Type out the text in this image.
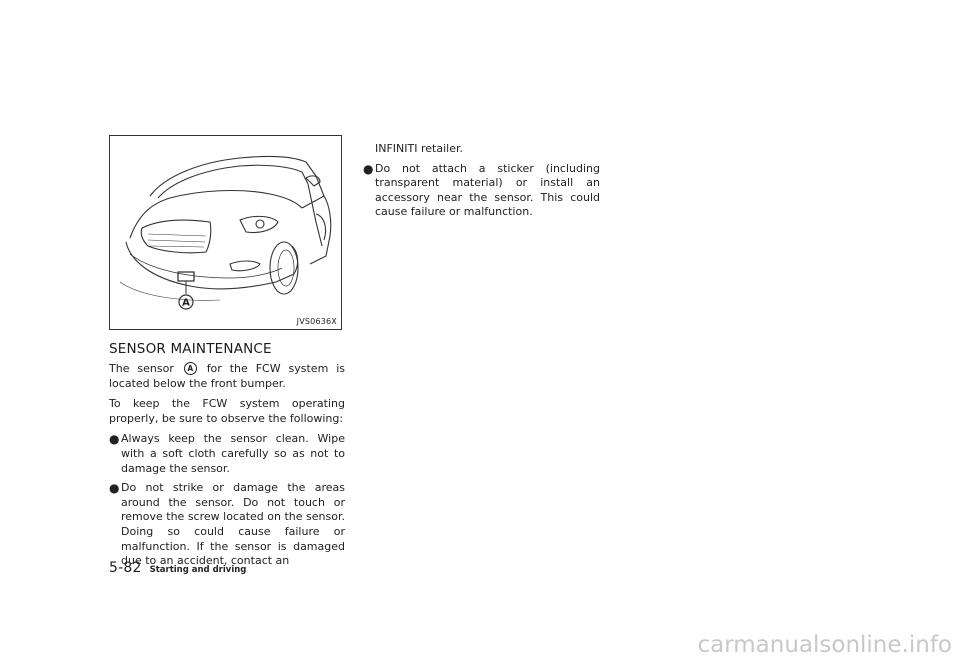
A
JVS0636X
SENSOR MAINTENANCE

The sensor A for the FCW system is located below the front bumper.

To keep the FCW system operating properly, be sure to observe the following:

● Always keep the sensor clean. Wipe with a soft cloth carefully so as not to damage the sensor.
● Do not strike or damage the areas around the sensor. Do not touch or remove the screw located on the sensor. Doing so could cause failure or malfunction. If the sensor is damaged due to an accident, contact an
INFINITI retailer.
● Do not attach a sticker (including transparent material) or install an accessory near the sensor. This could cause failure or malfunction.
5-82 Starting and driving
carmanualsonline.info
